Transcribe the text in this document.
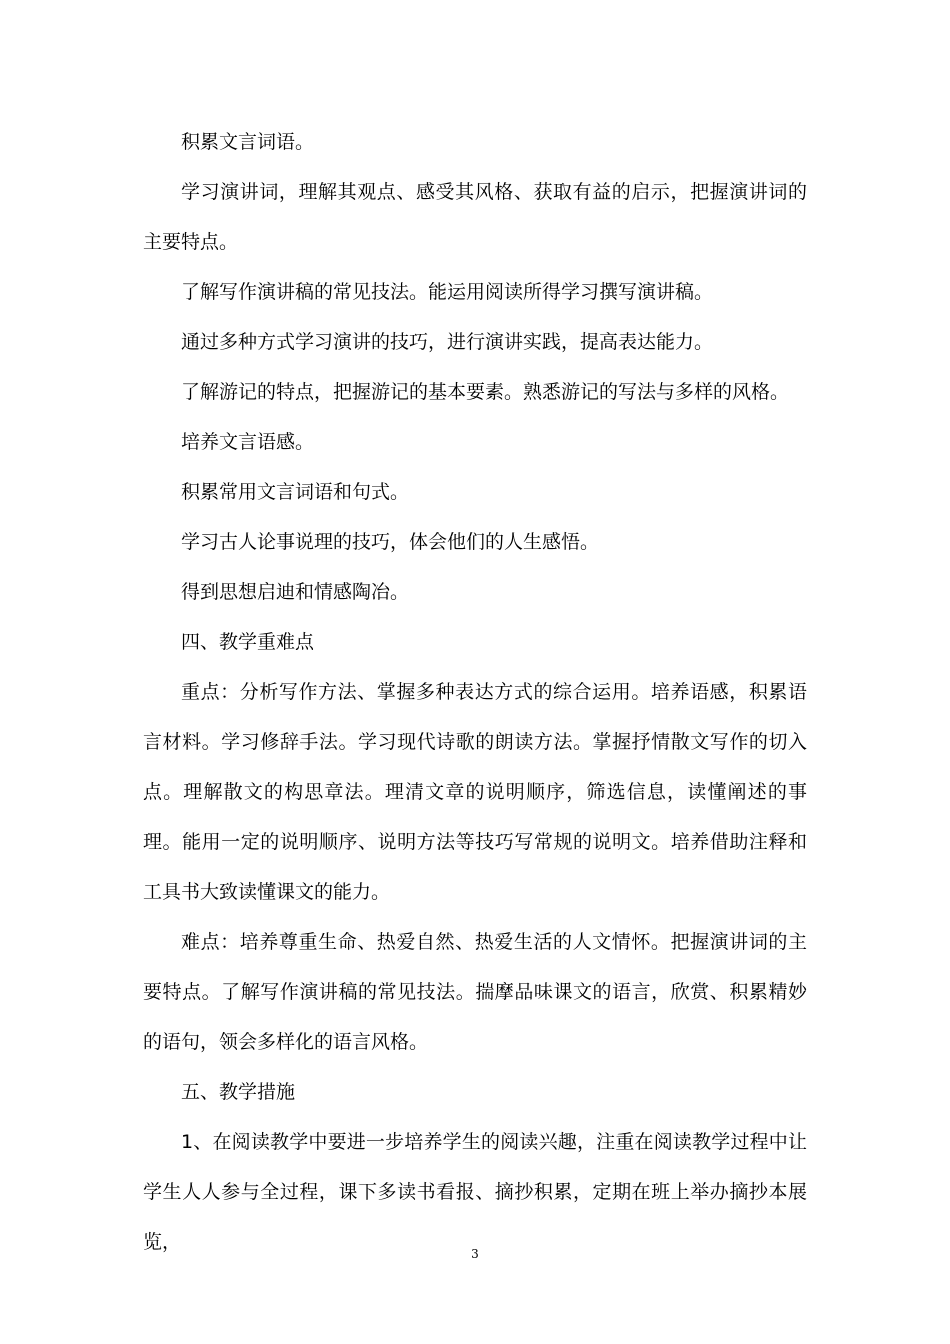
积累文言词语。

学习演讲词，理解其观点、感受其风格、获取有益的启示，把握演讲词的主要特点。

了解写作演讲稿的常见技法。能运用阅读所得学习撰写演讲稿。

通过多种方式学习演讲的技巧，进行演讲实践，提高表达能力。

了解游记的特点，把握游记的基本要素。熟悉游记的写法与多样的风格。

培养文言语感。

积累常用文言词语和句式。

学习古人论事说理的技巧，体会他们的人生感悟。

得到思想启迪和情感陶冶。

四、教学重难点

重点：分析写作方法、掌握多种表达方式的综合运用。培养语感，积累语言材料。学习修辞手法。学习现代诗歌的朗读方法。掌握抒情散文写作的切入点。理解散文的构思章法。理清文章的说明顺序，筛选信息，读懂阐述的事理。能用一定的说明顺序、说明方法等技巧写常规的说明文。培养借助注释和工具书大致读懂课文的能力。

难点：培养尊重生命、热爱自然、热爱生活的人文情怀。把握演讲词的主要特点。了解写作演讲稿的常见技法。揣摩品味课文的语言，欣赏、积累精妙的语句，领会多样化的语言风格。

五、教学措施

1、在阅读教学中要进一步培养学生的阅读兴趣，注重在阅读教学过程中让学生人人参与全过程，课下多读书看报、摘抄积累，定期在班上举办摘抄本展览，

3
